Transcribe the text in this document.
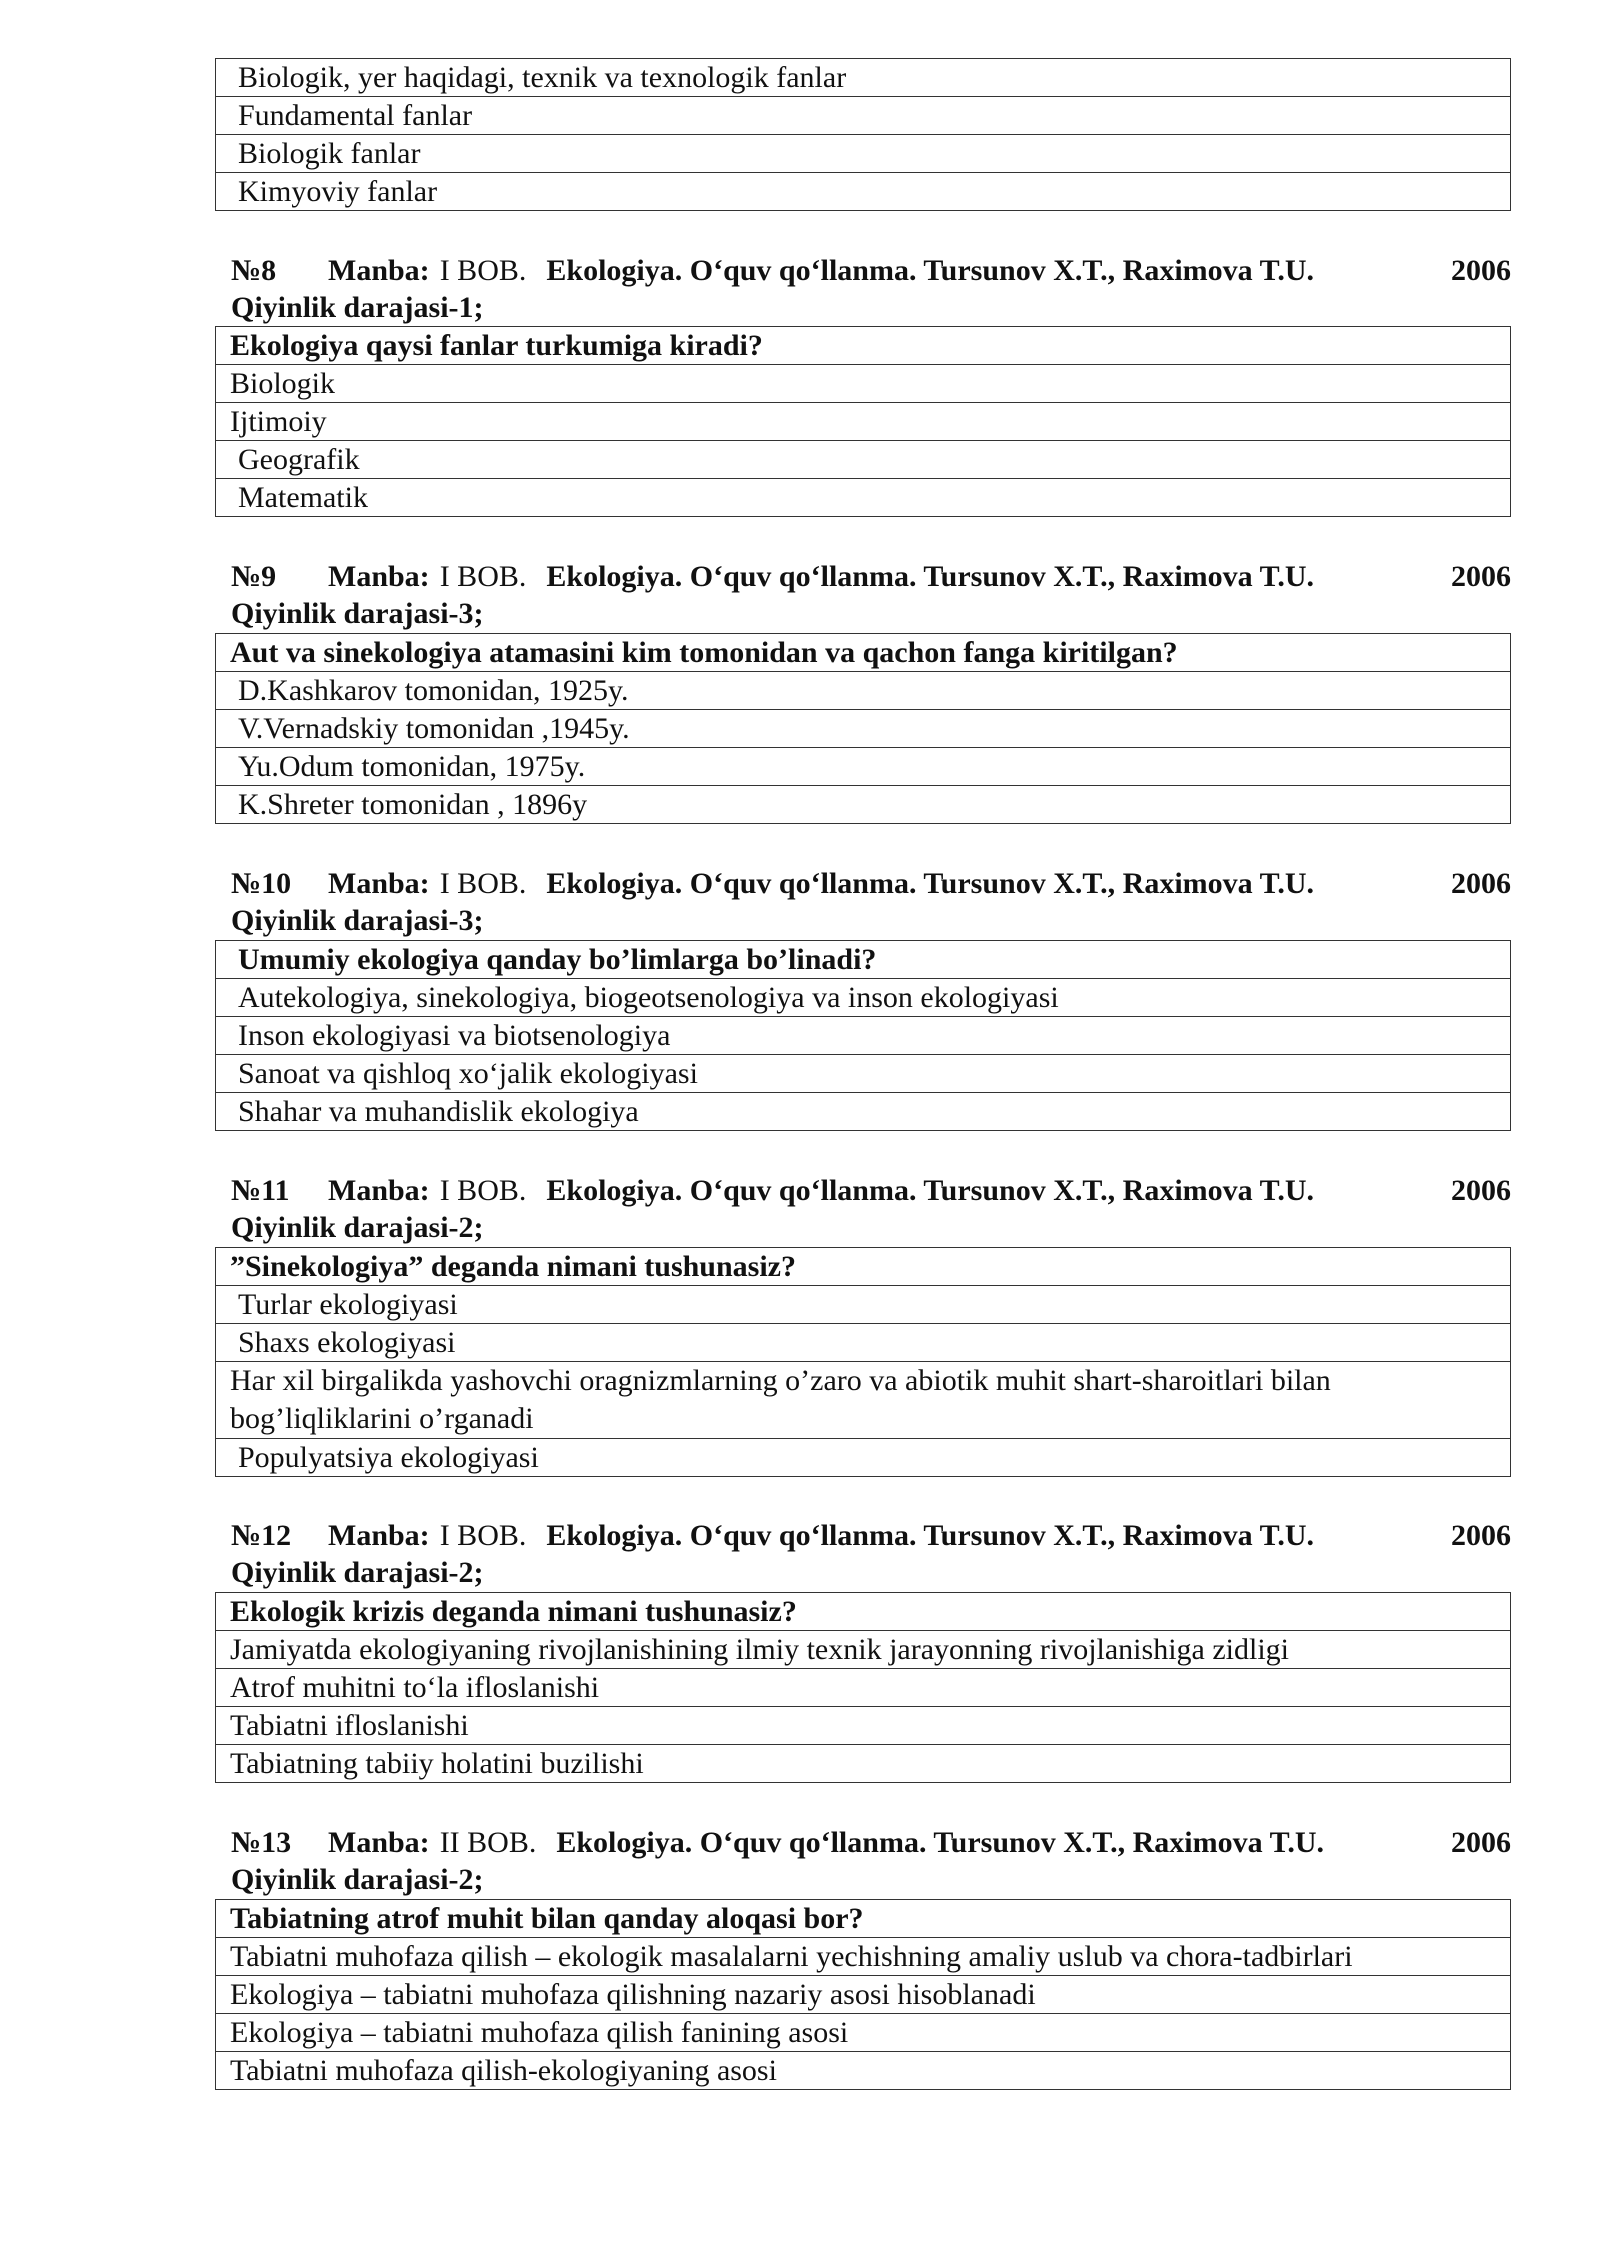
Biologik, yer haqidagi, texnik va texnologik fanlar
Fundamental fanlar
Biologik fanlar
Kimyoviy fanlar
№8	Manba: I BOB. Ekologiya. O‘quv qo‘llanma. Tursunov X.T., Raximova T.U.	2006
Qiyinlik darajasi-1;
Ekologiya qaysi fanlar turkumiga kiradi?
Biologik
Ijtimoiy
Geografik
Matematik
№9	Manba: I BOB. Ekologiya. O‘quv qo‘llanma. Tursunov X.T., Raximova T.U.	2006
Qiyinlik darajasi-3;
Aut va sinekologiya atamasini kim tomonidan va qachon fanga kiritilgan?
D.Kashkarov tomonidan, 1925y.
V.Vernadskiy tomonidan ,1945y.
Yu.Odum tomonidan, 1975y.
K.Shreter tomonidan , 1896y
№10	Manba: I BOB. Ekologiya. O‘quv qo‘llanma. Tursunov X.T., Raximova T.U.	2006
Qiyinlik darajasi-3;
Umumiy ekologiya qanday bo’limlarga bo’linadi?
Autekologiya, sinekologiya, biogeotsenologiya va inson ekologiyasi
Inson ekologiyasi va biotsenologiya
Sanoat va qishloq xo‘jalik ekologiyasi
Shahar va muhandislik ekologiya
№11	Manba: I BOB. Ekologiya. O‘quv qo‘llanma. Tursunov X.T., Raximova T.U.	2006
Qiyinlik darajasi-2;
”Sinekologiya” deganda nimani tushunasiz?
Turlar ekologiyasi
Shaxs ekologiyasi
Har xil birgalikda yashovchi oragnizmlarning o’zaro va abiotik muhit shart-sharoitlari bilan bog’liqliklarini o’rganadi
Populyatsiya ekologiyasi
№12	Manba: I BOB. Ekologiya. O‘quv qo‘llanma. Tursunov X.T., Raximova T.U.	2006
Qiyinlik darajasi-2;
Ekologik krizis deganda nimani tushunasiz?
Jamiyatda ekologiyaning rivojlanishining ilmiy texnik jarayonning rivojlanishiga zidligi
Atrof muhitni to‘la ifloslanishi
Tabiatni ifloslanishi
Tabiatning tabiiy holatini buzilishi
№13	Manba: II BOB. Ekologiya. O‘quv qo‘llanma. Tursunov X.T., Raximova T.U.	2006
Qiyinlik darajasi-2;
Tabiatning atrof muhit bilan qanday aloqasi bor?
Tabiatni muhofaza qilish – ekologik masalalarni yechishning amaliy uslub va chora-tadbirlari
Ekologiya – tabiatni muhofaza qilishning nazariy asosi hisoblanadi
Ekologiya – tabiatni muhofaza qilish fanining asosi
Tabiatni muhofaza qilish-ekologiyaning asosi
